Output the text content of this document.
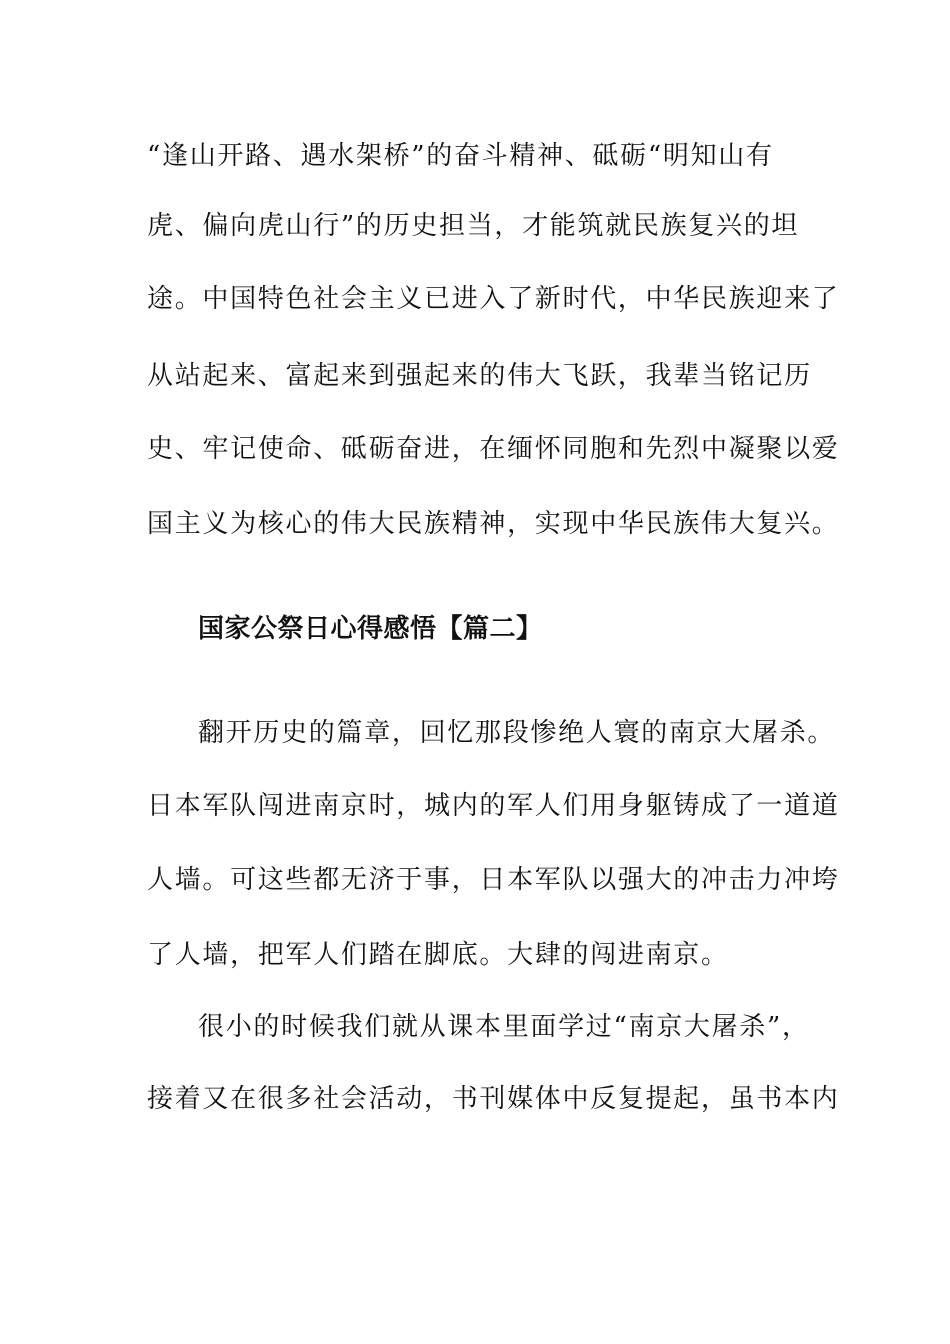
“逢山开路、遇水架桥”的奋斗精神、砥砺“明知山有
虎、偏向虎山行”的历史担当，才能筑就民族复兴的坦
途。中国特色社会主义已进入了新时代，中华民族迎来了
从站起来、富起来到强起来的伟大飞跃，我辈当铭记历
史、牢记使命、砥砺奋进，在缅怀同胞和先烈中凝聚以爱
国主义为核心的伟大民族精神，实现中华民族伟大复兴。
国家公祭日心得感悟【篇二】
翻开历史的篇章，回忆那段惨绝人寰的南京大屠杀。
日本军队闯进南京时，城内的军人们用身躯铸成了一道道
人墙。可这些都无济于事，日本军队以强大的冲击力冲垮
了人墙，把军人们踏在脚底。大肆的闯进南京。
很小的时候我们就从课本里面学过“南京大屠杀”，
接着又在很多社会活动，书刊媒体中反复提起，虽书本内
